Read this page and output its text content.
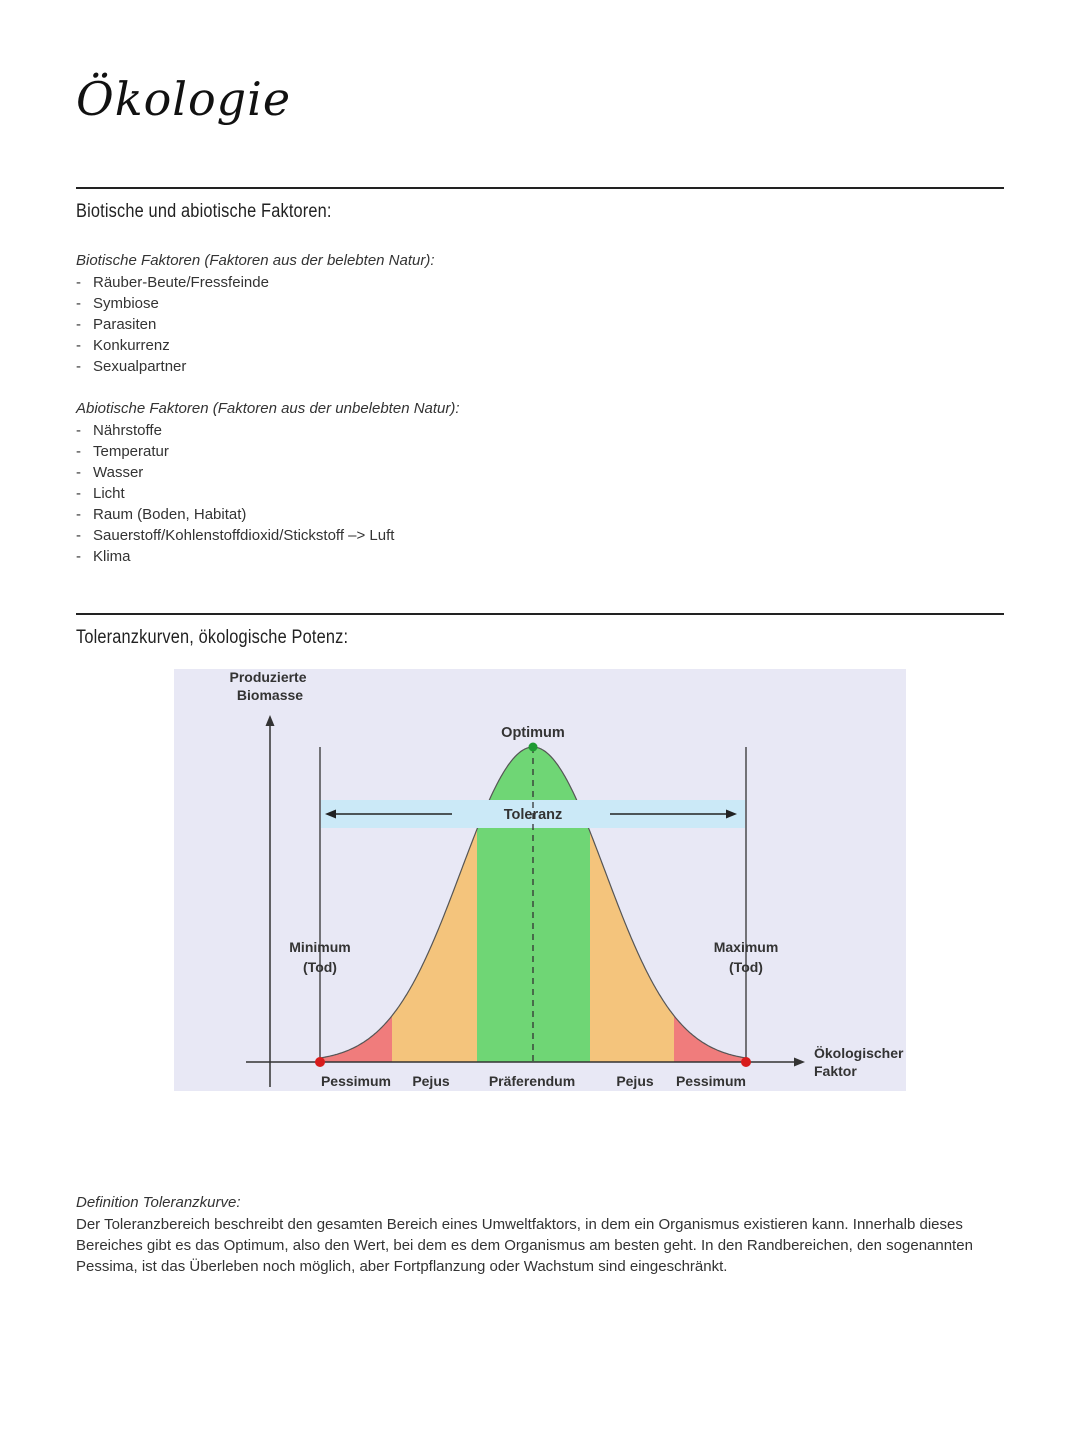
Ökologie
Biotische und abiotische Faktoren:
Biotische Faktoren (Faktoren aus der belebten Natur):
- Räuber-Beute/Fressfeinde
- Symbiose
- Parasiten
- Konkurrenz
- Sexualpartner
Abiotische Faktoren (Faktoren aus der unbelebten Natur):
- Nährstoffe
- Temperatur
- Wasser
- Licht
- Raum (Boden, Habitat)
- Sauerstoff/Kohlenstoffdioxid/Stickstoff –> Luft
- Klima
Toleranzkurven, ökologische Potenz:
Produzierte
Biomasse
Optimum
Toleranz
Minimum
(Tod)
Maximum
(Tod)
Ökologischer
Faktor
Pessimum Pejus	Präferendum	Pejus Pessimum
Definition Toleranzkurve:
Der Toleranzbereich beschreibt den gesamten Bereich eines Umweltfaktors, in dem ein Organismus existieren kann. Innerhalb dieses Bereiches gibt es das Optimum, also den Wert, bei dem es dem Organismus am besten geht. In den Randbereichen, den sogenannten Pessima, ist das Überleben noch möglich, aber Fortpflanzung oder Wachstum sind eingeschränkt.
